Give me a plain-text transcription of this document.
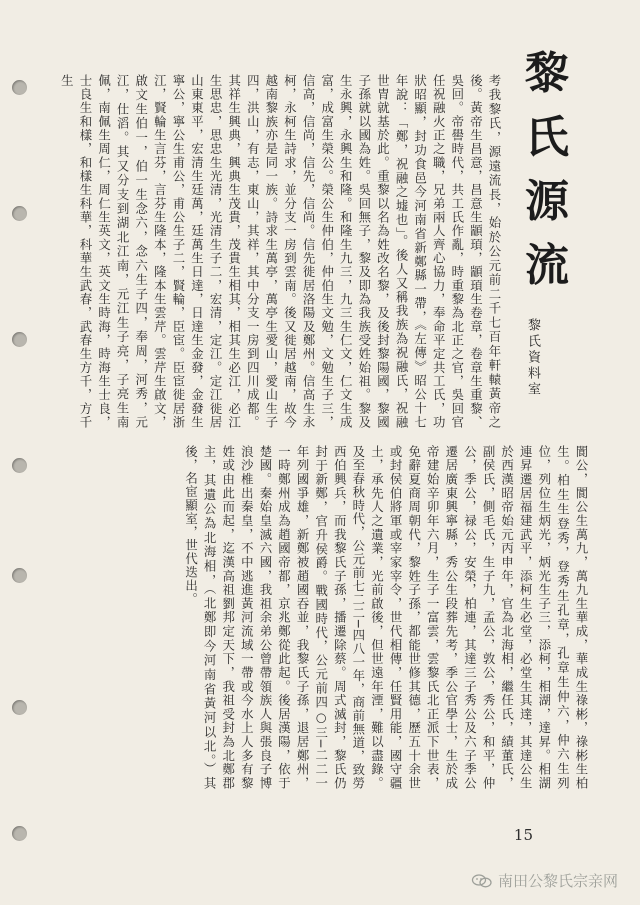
黎
氏
源
流
黎氏資料室
考我黎氏，源遠流長，始於公元前二千七百年軒轅黃帝之後。黃帝生昌意，昌意生顓頊，顓頊生卷章，卷章生重黎、吳回。帝嚳時代，共工氏作亂，時重黎為北正之官，吳回官任祝融火正之職，兄弟兩人齊心協力，奉命平定共工氏，功狀昭顯，封功食邑今河南省新鄭縣一帶，《左傳》昭公十七年說：「鄭，祝融之墟也」。後人又稱我族為祝融氏，祝融世胄就基於此。重黎以名為姓改名黎，及後封黎陽國，黎國子孫就以國為姓。吳回無子，黎及即為我族受姓始祖。黎及生永興，永興生和隆。和隆生九三，九三生仁文，仁文生成富，成富生榮公。榮公生仲伯，仲伯生文勉，文勉生子三，信高，信尚，信先，信尚。信先徙居洛陽及鄭州。信高生永柯，永柯生詩求，並分支一房到雲南。後又徙居越南，故今越南黎族亦是同一族。詩求生萬亭，萬亭生愛山，愛山生子四，洪山，有志，東山，其祥，其中分支一房到四川成都。其祥生興典，興典生茂貴，茂貴生相其，相其生必江，必江生思忠，思忠生光清，光清生子二，宏清，定江。定江徙居山東東平，宏清生廷萬，廷萬生日達，日達生金發，金發生寧公，寧公生甫公，甫公生子二，賢輪，臣宦。臣宦徙居浙江，賢輪生言芬，言芬生隆本，隆本生雲芹。雲芹生啟文，啟文生伯一，伯一生念六，念六生子四，奉周，河秀，元江，仕滔。其又分支到湖北江南，元江生子亮，子亮生南佩，南佩生周仁，周仁生英文，英文生時海，時海生士良，士良生和樣，和樣生科華，科華生武春，武春生方千，方千生
閬公，閬公生萬九，萬九生華成，華成生祿彬，祿彬生柏生。柏生生登秀，登秀生孔章，孔章生仲六，仲六生列位，列位生炳光，炳光生子三，添柯，相湖，達昇。相湖連昇遷居福建武平，添柯生必堂，必堂生其達，其達公生於西漢昭帝始元丙申年，官為北海相，繼任氏，績董氏，副侯氏，側毛氏，生子九，孟公，敦公，秀公，和平，仲公，季公，禄公，安榮，柏連，其達三子秀公及六子季公遷居廣東興寧縣，秀公生段葬先考，季公官學士，生於成帝建始辛卯年六月，生子一富雲，雲黎氏北正派下世表，免辭夏商周朝代，黎姓子孫，都能世修其德，歷五十余世或封侯伯將軍或宰家宰令，世代相傳，任賢用能，國守疆土，承先人之遺業，光前啟後，但世遠年湮，難以盡錄。及至春秋時代，公元前七二二─四八一年，商前無道，致勞西伯興兵，而我黎氏子孫，播遷除蔡。周式滅封，黎氏仍封于新鄭，官升侯爵。戰國時代，公元前四○三─二二一年列國爭雄，新鄭被趙國吞並，我黎氏子孫，退居鄭州，一時鄭州成為趙國帝都，京兆鄭從此起。後居漢陽，依于楚國。秦始皇滅六國，我祖余弟公曾帶領族人與張良子博浪沙椎出秦皇，不中逃進黃河流域一帶或今水上人多有黎姓或由此而起，迄漢高祖劉邦定天下，我祖受封為北鄭郡主，其遺公為北海相，（北鄭即今河南省黃河以北。）其後，名宦顯室，世代迭出。
15
南田公黎氏宗亲网
